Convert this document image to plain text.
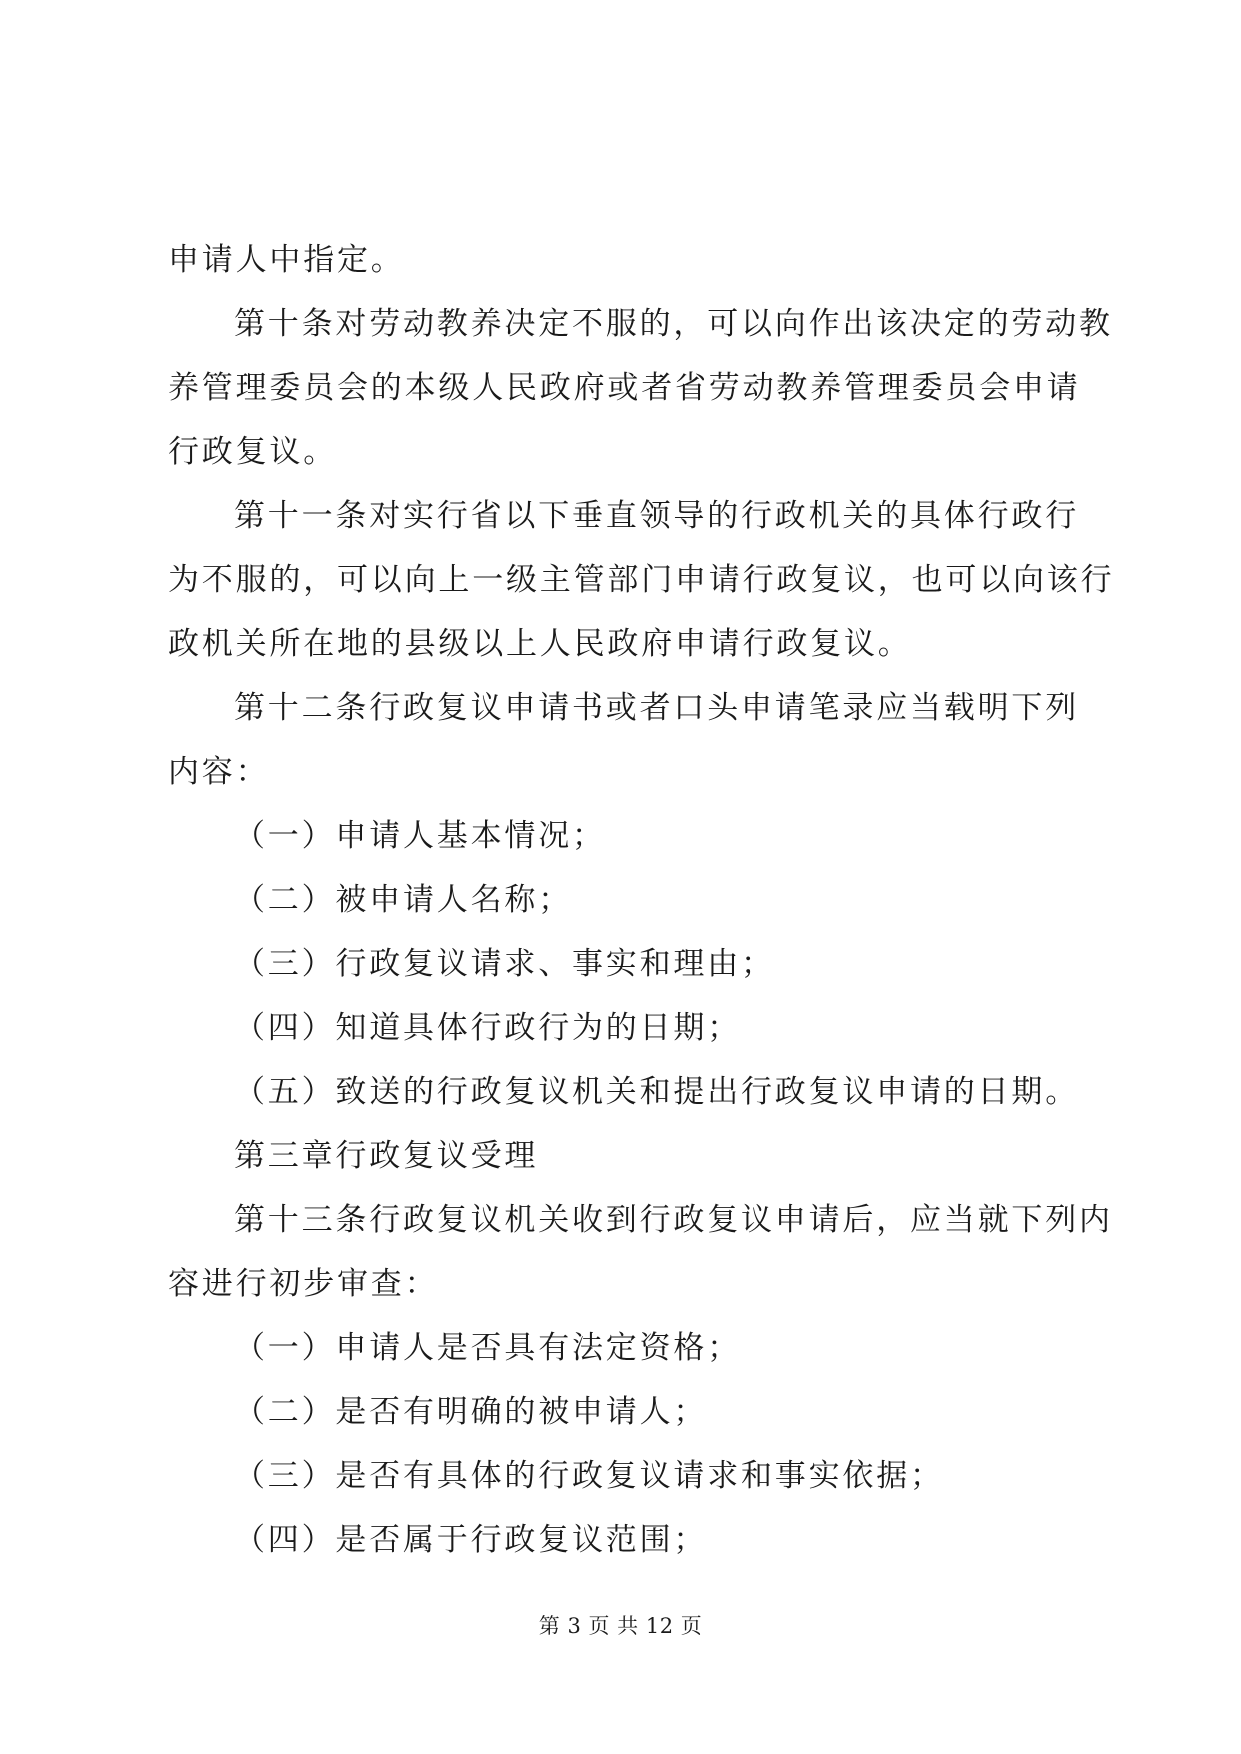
申请人中指定。
第十条对劳动教养决定不服的，可以向作出该决定的劳动教
养管理委员会的本级人民政府或者省劳动教养管理委员会申请
行政复议。
第十一条对实行省以下垂直领导的行政机关的具体行政行
为不服的，可以向上一级主管部门申请行政复议，也可以向该行
政机关所在地的县级以上人民政府申请行政复议。
第十二条行政复议申请书或者口头申请笔录应当载明下列
内容：
（一）申请人基本情况；
（二）被申请人名称；
（三）行政复议请求、事实和理由；
（四）知道具体行政行为的日期；
（五）致送的行政复议机关和提出行政复议申请的日期。
第三章行政复议受理
第十三条行政复议机关收到行政复议申请后，应当就下列内
容进行初步审查：
（一）申请人是否具有法定资格；
（二）是否有明确的被申请人；
（三）是否有具体的行政复议请求和事实依据；
（四）是否属于行政复议范围；
第 3 页 共 12 页
